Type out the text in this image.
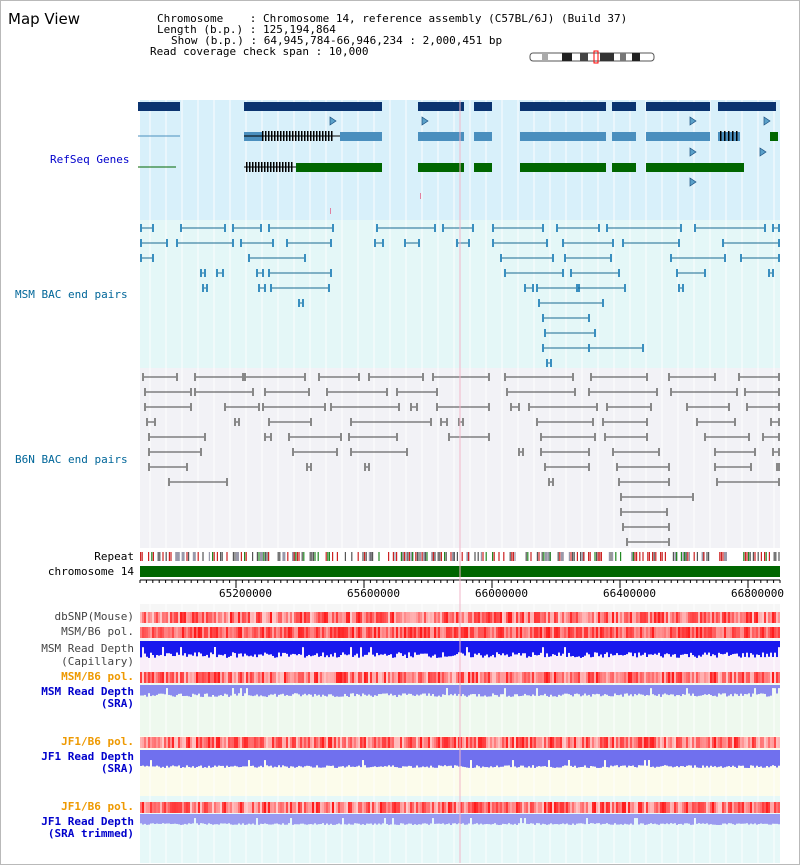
Map View	Chromosome    : Chromosome 14, reference assembly (C57BL/6J) (Build 37)
Length (b.p.) : 125,194,864
Show (b.p.) : 64,945,784-66,946,234 : 2,000,451 bp
Read coverage check span : 10,000
65200000	65600000	66000000	66400000	66800000
RefSeq Genes
MSM BAC end pairs
B6N BAC end pairs
Repeat
chromosome 14
dbSNP(Mouse)
MSM/B6 pol.
MSM Read Depth
(Capillary)
MSM/B6 pol.
MSM Read Depth
(SRA)
JF1/B6 pol.
JF1 Read Depth
(SRA)
JF1/B6 pol.
JF1 Read Depth
(SRA trimmed)
